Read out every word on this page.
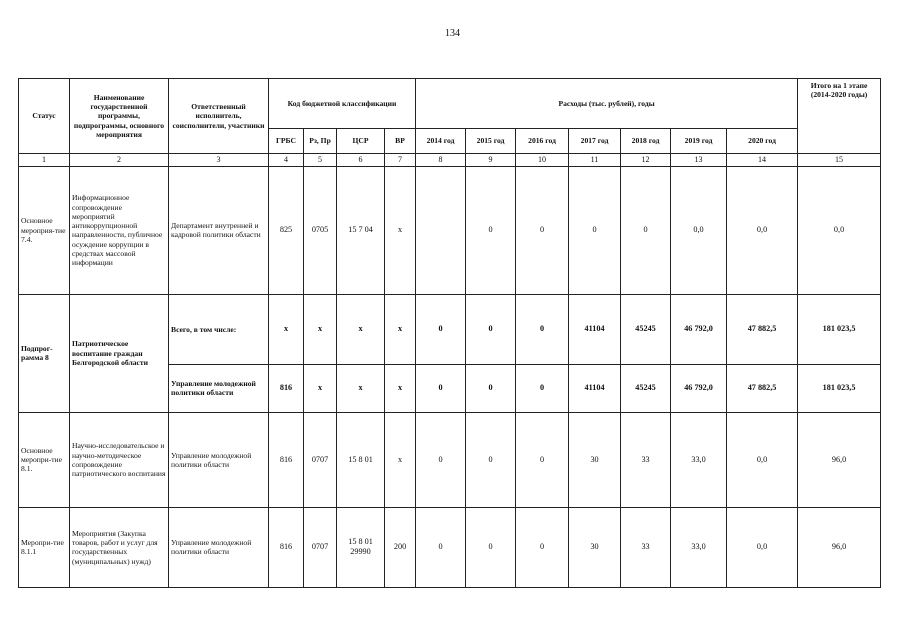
134
Статус	Наименование государственной программы, подпрограммы, основного мероприятия	Ответственный исполнитель, соисполнители, участники	Код бюджетной классификации				Расходы (тыс. рублей), годы							Итого на 1 этапе (2014-2020 годы)
			ГРБС	Рз, Пр	ЦСР	ВР	2014 год	2015 год	2016 год	2017 год	2018 год	2019 год	2020 год	
1	2	3	4	5	6	7	8	9	10	11	12	13	14	15
Основное мероприя-тие 7.4.	Информационное сопровождение мероприятий антикоррупционной направленности, публичное осуждение коррупции в средствах массовой информации	Департамент внутренней и кадровой политики области	825	0705	15 7 04	х		0	0	0	0	0,0	0,0	0,0
Подпрог-рамма 8	Патриотическое воспитание граждан Белгородской области	Всего, в том числе:	х	х	х	х	0	0	0	41104	45245	46 792,0	47 882,5	181 023,5
		Управление молодежной политики области	816	х	х	х	0	0	0	41104	45245	46 792,0	47 882,5	181 023,5
Основное меропри-тие 8.1.	Научно-исследовательское и научно-методическое сопровождение патриотического воспитания	Управление молодежной политики области	816	0707	15 8 01	х	0	0	0	30	33	33,0	0,0	96,0
Меропри-тие 8.1.1	Мероприятия (Закупка товаров, работ и услуг для государственных (муниципальных) нужд)	Управление молодежной политики области	816	0707	15 8 01 29990	200	0	0	0	30	33	33,0	0,0	96,0
